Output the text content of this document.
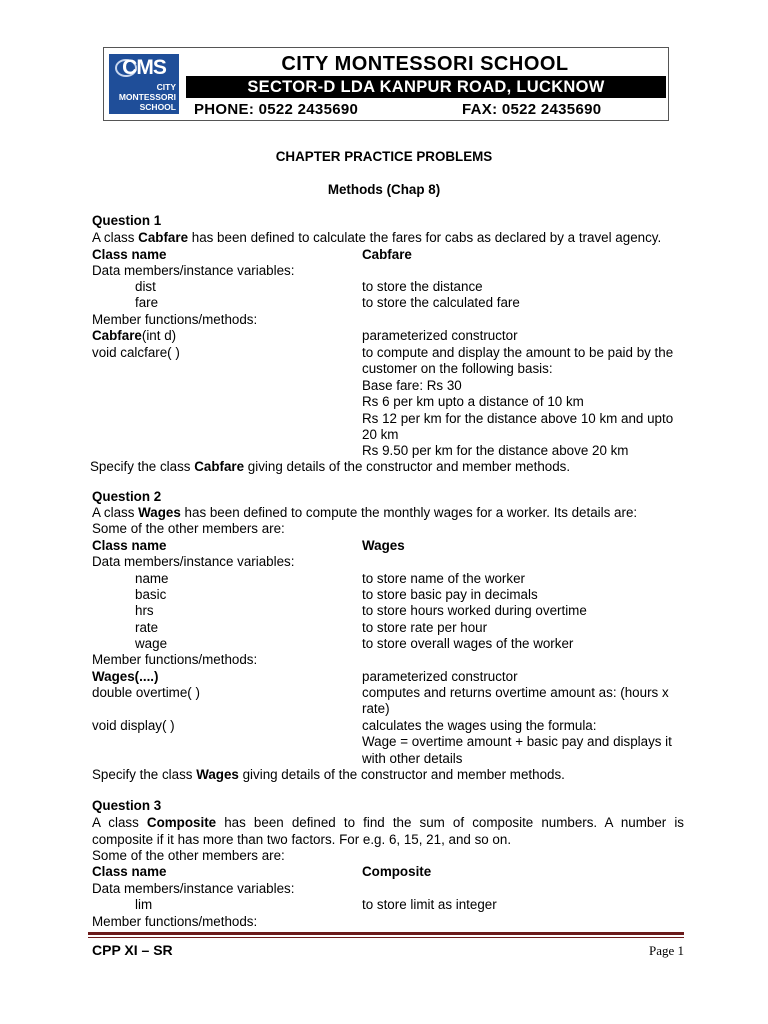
CMS
CITY
MONTESSORI
SCHOOL
CITY MONTESSORI SCHOOL
SECTOR-D LDA KANPUR ROAD, LUCKNOW
PHONE: 0522 2435690	FAX: 0522 2435690
CHAPTER PRACTICE PROBLEMS
Methods (Chap 8)
Question 1
A class Cabfare has been defined to calculate the fares for cabs as declared by a travel agency.
Class name	Cabfare
Data members/instance variables:
dist	to store the distance
fare	to store the calculated fare
Member functions/methods:
Cabfare(int d)	parameterized constructor
void calcfare( )	to compute and display the amount to be paid by the
customer on the following basis:
Base fare: Rs 30
Rs 6 per km upto a distance of 10 km
Rs 12 per km for the distance above 10 km and upto
20 km
Rs 9.50 per km for the distance above 20 km
Specify the class Cabfare giving details of the constructor and member methods.
Question 2
A class Wages has been defined to compute the monthly wages for a worker. Its details are:
Some of the other members are:
Class name	Wages
Data members/instance variables:
name	to store name of the worker
basic	to store basic pay in decimals
hrs	to store hours worked during overtime
rate	to store rate per hour
wage	to store overall wages of the worker
Member functions/methods:
Wages(....)	parameterized constructor
double overtime( )	computes and returns overtime amount as: (hours x
rate)
void display( )	calculates the wages using the formula:
Wage = overtime amount + basic pay and displays it
with other details
Specify the class Wages giving details of the constructor and member methods.
Question 3
A class Composite has been defined to find the sum of composite numbers. A number is
composite if it has more than two factors. For e.g. 6, 15, 21, and so on.
Some of the other members are:
Class name	Composite
Data members/instance variables:
lim	to store limit as integer
Member functions/methods:
CPP XI – SR	Page 1
